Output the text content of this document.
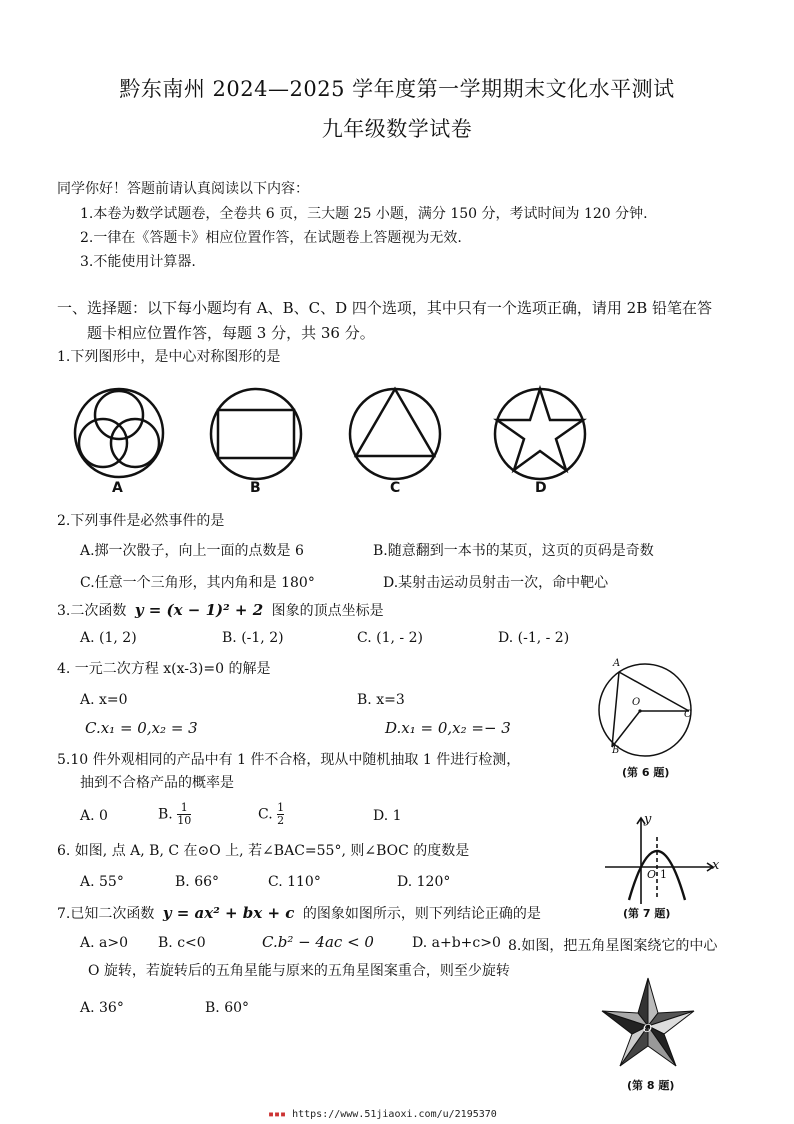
黔东南州 2024—2025 学年度第一学期期末文化水平测试
九年级数学试卷
同学你好！答题前请认真阅读以下内容：
1.本卷为数学试题卷，全卷共 6 页，三大题 25 小题，满分 150 分，考试时间为 120 分钟.
2.一律在《答题卡》相应位置作答，在试题卷上答题视为无效.
3.不能使用计算器.
一、选择题：以下每小题均有 A、B、C、D 四个选项，其中只有一个选项正确，请用 2B 铅笔在答
题卡相应位置作答，每题 3 分，共 36 分。
1.下列图形中，是中心对称图形的是
A	B	C	D
2.下列事件是必然事件的是
A.掷一次骰子，向上一面的点数是 6	B.随意翻到一本书的某页，这页的页码是奇数
C.任意一个三角形，其内角和是 180°	D.某射击运动员射击一次，命中靶心
3.二次函数 y = (x − 1)² + 2 图象的顶点坐标是
A. (1, 2)	B. (-1, 2)	C. (1, - 2)	D. (-1, - 2)
4. 一元二次方程 x(x-3)=0 的解是
A. x=0	B. x=3
C.x₁ = 0,x₂ = 3	D.x₁ = 0,x₂ =− 3
5.10 件外观相同的产品中有 1 件不合格，现从中随机抽取 1 件进行检测，
抽到不合格产品的概率是
A. 0	B. $\frac{1}{10}$	C. $\frac{1}{2}$	D. 1
6. 如图, 点 A, B, C 在⊙O 上, 若∠BAC=55°, 则∠BOC 的度数是
A. 55°	B. 66°	C. 110°	D. 120°
A
O
C
B
(第 6 题)
y
x
O 1
(第 7 题)
7.已知二次函数 y = ax² + bx + c 的图象如图所示，则下列结论正确的是
A. a>0 B. c<0	C.b² − 4ac < 0	D. a+b+c>0 8.如图，把五角星图案绕它的中心
O 旋转，若旋转后的五角星能与原来的五角星图案重合，则至少旋转
A. 36°	B. 60°
O
(第 8 题)
▪▪▪ https://www.51jiaoxi.com/u/2195370
